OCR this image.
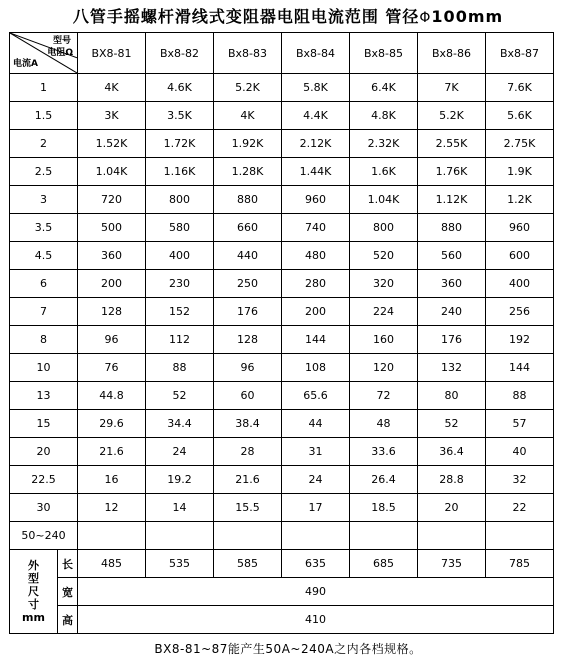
八管手摇螺杆滑线式变阻器电阻电流范围 管径Φ100mm
型号
电阻Ω
电流A		BX8-81	Bx8-82	Bx8-83	Bx8-84	Bx8-85	Bx8-86	Bx8-87
1		4K	4.6K	5.2K	5.8K	6.4K	7K	7.6K
1.5		3K	3.5K	4K	4.4K	4.8K	5.2K	5.6K
2		1.52K	1.72K	1.92K	2.12K	2.32K	2.55K	2.75K
2.5		1.04K	1.16K	1.28K	1.44K	1.6K	1.76K	1.9K
3		720	800	880	960	1.04K	1.12K	1.2K
3.5		500	580	660	740	800	880	960
4.5		360	400	440	480	520	560	600
6		200	230	250	280	320	360	400
7		128	152	176	200	224	240	256
8		96	112	128	144	160	176	192
10		76	88	96	108	120	132	144
13		44.8	52	60	65.6	72	80	88
15		29.6	34.4	38.4	44	48	52	57
20		21.6	24	28	31	33.6	36.4	40
22.5		16	19.2	21.6	24	26.4	28.8	32
30		12	14	15.5	17	18.5	20	22
50~240								
外
型
尺
寸
mm	长	485	535	585	635	685	735	785
	宽	490						
	高	410						
BX8-81~87能产生50A~240A之内各档规格。
